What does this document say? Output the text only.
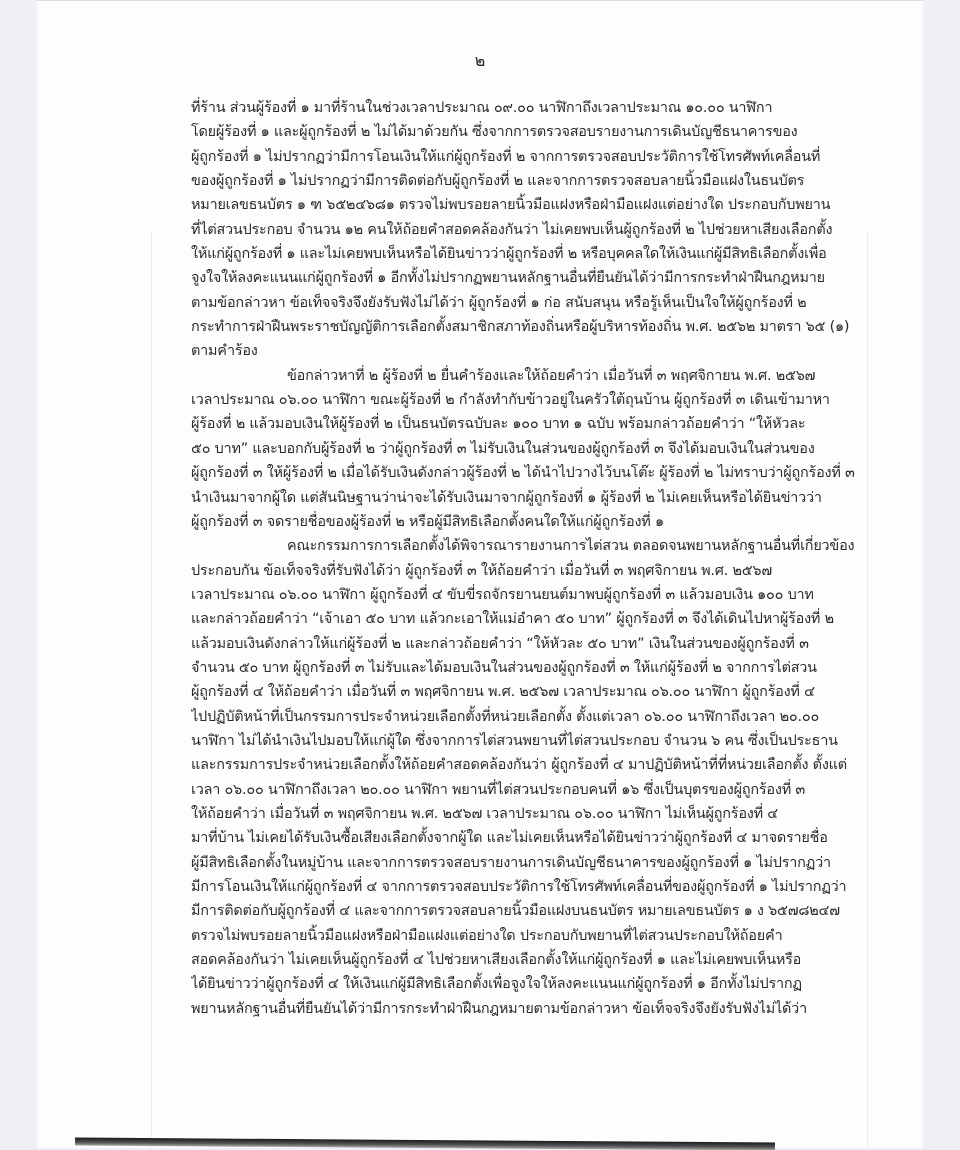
๒
ที่ร้าน ส่วนผู้ร้องที่ ๑ มาที่ร้านในช่วงเวลาประมาณ ๐๙.๐๐ นาฬิกาถึงเวลาประมาณ ๑๐.๐๐ นาฬิกา
โดยผู้ร้องที่ ๑ และผู้ถูกร้องที่ ๒ ไม่ได้มาด้วยกัน ซึ่งจากการตรวจสอบรายงานการเดินบัญชีธนาคารของ
ผู้ถูกร้องที่ ๑ ไม่ปรากฏว่ามีการโอนเงินให้แก่ผู้ถูกร้องที่ ๒ จากการตรวจสอบประวัติการใช้โทรศัพท์เคลื่อนที่
ของผู้ถูกร้องที่ ๑ ไม่ปรากฏว่ามีการติดต่อกับผู้ถูกร้องที่ ๒ และจากการตรวจสอบลายนิ้วมือแฝงในธนบัตร
หมายเลขธนบัตร ๑ ฑ ๖๕๒๔๖๘๑ ตรวจไม่พบรอยลายนิ้วมือแฝงหรือฝ่ามือแฝงแต่อย่างใด ประกอบกับพยาน
ที่ไต่สวนประกอบ จำนวน ๑๒ คนให้ถ้อยคำสอดคล้องกันว่า ไม่เคยพบเห็นผู้ถูกร้องที่ ๒ ไปช่วยหาเสียงเลือกตั้ง
ให้แก่ผู้ถูกร้องที่ ๑ และไม่เคยพบเห็นหรือได้ยินข่าวว่าผู้ถูกร้องที่ ๒ หรือบุคคลใดให้เงินแก่ผู้มีสิทธิเลือกตั้งเพื่อ
จูงใจให้ลงคะแนนแก่ผู้ถูกร้องที่ ๑ อีกทั้งไม่ปรากฏพยานหลักฐานอื่นที่ยืนยันได้ว่ามีการกระทำฝ่าฝืนกฎหมาย
ตามข้อกล่าวหา ข้อเท็จจริงจึงยังรับฟังไม่ได้ว่า ผู้ถูกร้องที่ ๑ ก่อ สนับสนุน หรือรู้เห็นเป็นใจให้ผู้ถูกร้องที่ ๒
กระทำการฝ่าฝืนพระราชบัญญัติการเลือกตั้งสมาชิกสภาท้องถิ่นหรือผู้บริหารท้องถิ่น พ.ศ. ๒๕๖๒ มาตรา ๖๕ (๑)
ตามคำร้อง
ข้อกล่าวหาที่ ๒ ผู้ร้องที่ ๒ ยื่นคำร้องและให้ถ้อยคำว่า เมื่อวันที่ ๓ พฤศจิกายน พ.ศ. ๒๕๖๗
เวลาประมาณ ๐๖.๐๐ นาฬิกา ขณะผู้ร้องที่ ๒ กำลังทำกับข้าวอยู่ในครัวใต้ถุนบ้าน ผู้ถูกร้องที่ ๓ เดินเข้ามาหา
ผู้ร้องที่ ๒ แล้วมอบเงินให้ผู้ร้องที่ ๒ เป็นธนบัตรฉบับละ ๑๐๐ บาท ๑ ฉบับ พร้อมกล่าวถ้อยคำว่า “ให้หัวละ
๕๐ บาท” และบอกกับผู้ร้องที่ ๒ ว่าผู้ถูกร้องที่ ๓ ไม่รับเงินในส่วนของผู้ถูกร้องที่ ๓ จึงได้มอบเงินในส่วนของ
ผู้ถูกร้องที่ ๓ ให้ผู้ร้องที่ ๒ เมื่อได้รับเงินดังกล่าวผู้ร้องที่ ๒ ได้นำไปวางไว้บนโต๊ะ ผู้ร้องที่ ๒ ไม่ทราบว่าผู้ถูกร้องที่ ๓
นำเงินมาจากผู้ใด แต่สันนิษฐานว่าน่าจะได้รับเงินมาจากผู้ถูกร้องที่ ๑ ผู้ร้องที่ ๒ ไม่เคยเห็นหรือได้ยินข่าวว่า
ผู้ถูกร้องที่ ๓ จดรายชื่อของผู้ร้องที่ ๒ หรือผู้มีสิทธิเลือกตั้งคนใดให้แก่ผู้ถูกร้องที่ ๑
คณะกรรมการการเลือกตั้งได้พิจารณารายงานการไต่สวน ตลอดจนพยานหลักฐานอื่นที่เกี่ยวข้อง
ประกอบกัน ข้อเท็จจริงที่รับฟังได้ว่า ผู้ถูกร้องที่ ๓ ให้ถ้อยคำว่า เมื่อวันที่ ๓ พฤศจิกายน พ.ศ. ๒๕๖๗
เวลาประมาณ ๐๖.๐๐ นาฬิกา ผู้ถูกร้องที่ ๔ ขับขี่รถจักรยานยนต์มาพบผู้ถูกร้องที่ ๓ แล้วมอบเงิน ๑๐๐ บาท
และกล่าวถ้อยคำว่า “เจ้าเอา ๕๐ บาท แล้วกะเอาให้แม่อำคา ๕๐ บาท” ผู้ถูกร้องที่ ๓ จึงได้เดินไปหาผู้ร้องที่ ๒
แล้วมอบเงินดังกล่าวให้แก่ผู้ร้องที่ ๒ และกล่าวถ้อยคำว่า “ให้หัวละ ๕๐ บาท” เงินในส่วนของผู้ถูกร้องที่ ๓
จำนวน ๕๐ บาท ผู้ถูกร้องที่ ๓ ไม่รับและได้มอบเงินในส่วนของผู้ถูกร้องที่ ๓ ให้แก่ผู้ร้องที่ ๒ จากการไต่สวน
ผู้ถูกร้องที่ ๔ ให้ถ้อยคำว่า เมื่อวันที่ ๓ พฤศจิกายน พ.ศ. ๒๕๖๗ เวลาประมาณ ๐๖.๐๐ นาฬิกา ผู้ถูกร้องที่ ๔
ไปปฏิบัติหน้าที่เป็นกรรมการประจำหน่วยเลือกตั้งที่หน่วยเลือกตั้ง ตั้งแต่เวลา ๐๖.๐๐ นาฬิกาถึงเวลา ๒๐.๐๐
นาฬิกา ไม่ได้นำเงินไปมอบให้แก่ผู้ใด ซึ่งจากการไต่สวนพยานที่ไต่สวนประกอบ จำนวน ๖ คน ซึ่งเป็นประธาน
และกรรมการประจำหน่วยเลือกตั้งให้ถ้อยคำสอดคล้องกันว่า ผู้ถูกร้องที่ ๔ มาปฏิบัติหน้าที่ที่หน่วยเลือกตั้ง ตั้งแต่
เวลา ๐๖.๐๐ นาฬิกาถึงเวลา ๒๐.๐๐ นาฬิกา พยานที่ไต่สวนประกอบคนที่ ๑๖ ซึ่งเป็นบุตรของผู้ถูกร้องที่ ๓
ให้ถ้อยคำว่า เมื่อวันที่ ๓ พฤศจิกายน พ.ศ. ๒๕๖๗ เวลาประมาณ ๐๖.๐๐ นาฬิกา ไม่เห็นผู้ถูกร้องที่ ๔
มาที่บ้าน ไม่เคยได้รับเงินซื้อเสียงเลือกตั้งจากผู้ใด และไม่เคยเห็นหรือได้ยินข่าวว่าผู้ถูกร้องที่ ๔ มาจดรายชื่อ
ผู้มีสิทธิเลือกตั้งในหมู่บ้าน และจากการตรวจสอบรายงานการเดินบัญชีธนาคารของผู้ถูกร้องที่ ๑ ไม่ปรากฏว่า
มีการโอนเงินให้แก่ผู้ถูกร้องที่ ๔ จากการตรวจสอบประวัติการใช้โทรศัพท์เคลื่อนที่ของผู้ถูกร้องที่ ๑ ไม่ปรากฏว่า
มีการติดต่อกับผู้ถูกร้องที่ ๔ และจากการตรวจสอบลายนิ้วมือแฝงบนธนบัตร หมายเลขธนบัตร ๑ ง ๖๕๗๘๒๔๗
ตรวจไม่พบรอยลายนิ้วมือแฝงหรือฝ่ามือแฝงแต่อย่างใด ประกอบกับพยานที่ไต่สวนประกอบให้ถ้อยคำ
สอดคล้องกันว่า ไม่เคยเห็นผู้ถูกร้องที่ ๔ ไปช่วยหาเสียงเลือกตั้งให้แก่ผู้ถูกร้องที่ ๑ และไม่เคยพบเห็นหรือ
ได้ยินข่าวว่าผู้ถูกร้องที่ ๔ ให้เงินแก่ผู้มีสิทธิเลือกตั้งเพื่อจูงใจให้ลงคะแนนแก่ผู้ถูกร้องที่ ๑ อีกทั้งไม่ปรากฏ
พยานหลักฐานอื่นที่ยืนยันได้ว่ามีการกระทำฝ่าฝืนกฎหมายตามข้อกล่าวหา ข้อเท็จจริงจึงยังรับฟังไม่ได้ว่า
